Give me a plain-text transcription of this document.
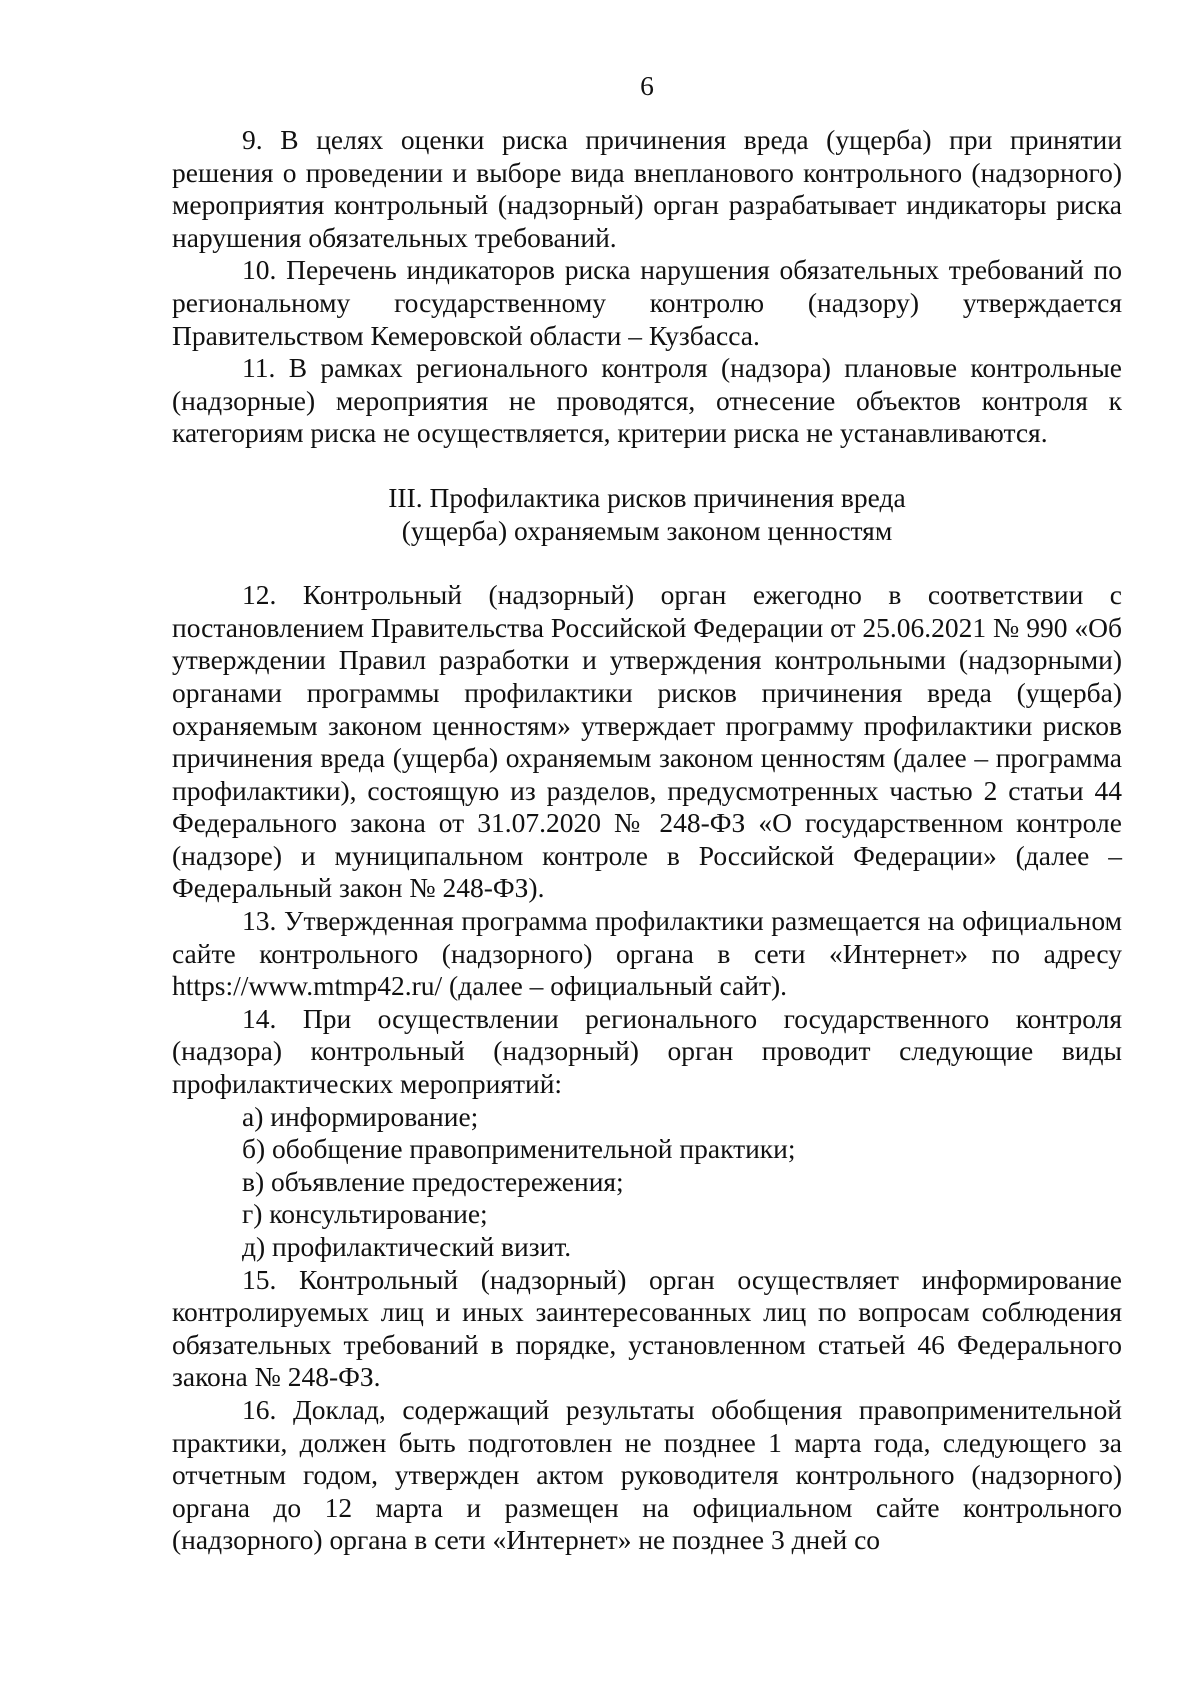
6

9. В целях оценки риска причинения вреда (ущерба) при принятии решения о проведении и выборе вида внепланового контрольного (надзорного) мероприятия контрольный (надзорный) орган разрабатывает индикаторы риска нарушения обязательных требований.

10. Перечень индикаторов риска нарушения обязательных требований по региональному государственному контролю (надзору) утверждается Правительством Кемеровской области – Кузбасса.

11. В рамках регионального контроля (надзора) плановые контрольные (надзорные) мероприятия не проводятся, отнесение объектов контроля к категориям риска не осуществляется, критерии риска не устанавливаются.

III. Профилактика рисков причинения вреда
(ущерба) охраняемым законом ценностям

12. Контрольный (надзорный) орган ежегодно в соответствии с постановлением Правительства Российской Федерации от 25.06.2021 № 990 «Об утверждении Правил разработки и утверждения контрольными (надзорными) органами программы профилактики рисков причинения вреда (ущерба) охраняемым законом ценностям» утверждает программу профилактики рисков причинения вреда (ущерба) охраняемым законом ценностям (далее – программа профилактики), состоящую из разделов, предусмотренных частью 2 статьи 44 Федерального закона от 31.07.2020 № 248-ФЗ «О государственном контроле (надзоре) и муниципальном контроле в Российской Федерации» (далее – Федеральный закон № 248-ФЗ).

13. Утвержденная программа профилактики размещается на официальном сайте контрольного (надзорного) органа в сети «Интернет» по адресу https://www.mtmp42.ru/ (далее – официальный сайт).

14. При осуществлении регионального государственного контроля (надзора) контрольный (надзорный) орган проводит следующие виды профилактических мероприятий:

а) информирование;

б) обобщение правоприменительной практики;

в) объявление предостережения;

г) консультирование;

д) профилактический визит.

15. Контрольный (надзорный) орган осуществляет информирование контролируемых лиц и иных заинтересованных лиц по вопросам соблюдения обязательных требований в порядке, установленном статьей 46 Федерального закона № 248-ФЗ.

16. Доклад, содержащий результаты обобщения правоприменительной практики, должен быть подготовлен не позднее 1 марта года, следующего за отчетным годом, утвержден актом руководителя контрольного (надзорного) органа до 12 марта и размещен на официальном сайте контрольного (надзорного) органа в сети «Интернет» не позднее 3 дней со
